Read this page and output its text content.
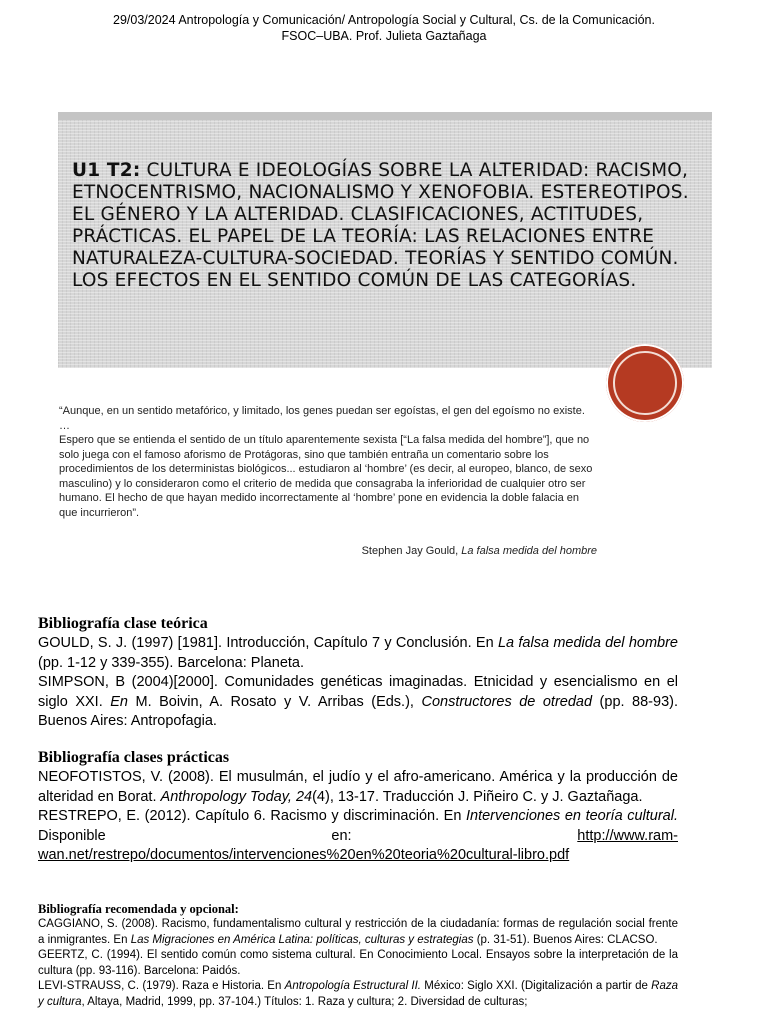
29/03/2024 Antropología y Comunicación/ Antropología Social y Cultural, Cs. de la Comunicación.
FSOC–UBA. Prof. Julieta Gaztañaga
U1 T2: CULTURA E IDEOLOGÍAS SOBRE LA ALTERIDAD: RACISMO, ETNOCENTRISMO, NACIONALISMO Y XENOFOBIA. ESTEREOTIPOS. EL GÉNERO Y LA ALTERIDAD. CLASIFICACIONES, ACTITUDES, PRÁCTICAS. EL PAPEL DE LA TEORÍA: LAS RELACIONES ENTRE NATURALEZA-CULTURA-SOCIEDAD. TEORÍAS Y SENTIDO COMÚN. LOS EFECTOS EN EL SENTIDO COMÚN DE LAS CATEGORÍAS.

“Aunque, en un sentido metafórico, y limitado, los genes puedan ser egoístas, el gen del egoísmo no existe.

…

Espero que se entienda el sentido de un título aparentemente sexista [“La falsa medida del hombre”], que no solo juega con el famoso aforismo de Protágoras, sino que también entraña un comentario sobre los procedimientos de los deterministas biológicos... estudiaron al ‘hombre’ (es decir, al europeo, blanco, de sexo masculino) y lo consideraron como el criterio de medida que consagraba la inferioridad de cualquier otro ser humano. El hecho de que hayan medido incorrectamente al ‘hombre’ pone en evidencia la doble falacia en que incurrieron”.

Stephen Jay Gould, La falsa medida del hombre
Bibliografía clase teórica

GOULD, S. J. (1997) [1981]. Introducción, Capítulo 7 y Conclusión. En La falsa medida del hombre (pp. 1-12 y 339-355). Barcelona: Planeta.

SIMPSON, B (2004)[2000]. Comunidades genéticas imaginadas. Etnicidad y esencialismo en el siglo XXI. En M. Boivin, A. Rosato y V. Arribas (Eds.), Constructores de otredad (pp. 88-93). Buenos Aires: Antropofagia.

Bibliografía clases prácticas

NEOFOTISTOS, V. (2008). El musulmán, el judío y el afro-americano. América y la producción de alteridad en Borat. Anthropology Today, 24(4), 13-17. Traducción J. Piñeiro C. y J. Gaztañaga.

RESTREPO, E. (2012). Capítulo 6. Racismo y discriminación. En Intervenciones en teoría cultural. Disponible en: http://www.ram-wan.net/restrepo/documentos/intervenciones%20en%20teoria%20cultural-libro.pdf

Bibliografía recomendada y opcional:

CAGGIANO, S. (2008). Racismo, fundamentalismo cultural y restricción de la ciudadanía: formas de regulación social frente a inmigrantes. En Las Migraciones en América Latina: políticas, culturas y estrategias (p. 31-51). Buenos Aires: CLACSO.

GEERTZ, C. (1994). El sentido común como sistema cultural. En Conocimiento Local. Ensayos sobre la interpretación de la cultura (pp. 93-116). Barcelona: Paidós.

LEVI-STRAUSS, C. (1979). Raza e Historia. En Antropología Estructural II. México: Siglo XXI. (Digitalización a partir de Raza y cultura, Altaya, Madrid, 1999, pp. 37-104.) Títulos: 1. Raza y cultura; 2. Diversidad de culturas;
